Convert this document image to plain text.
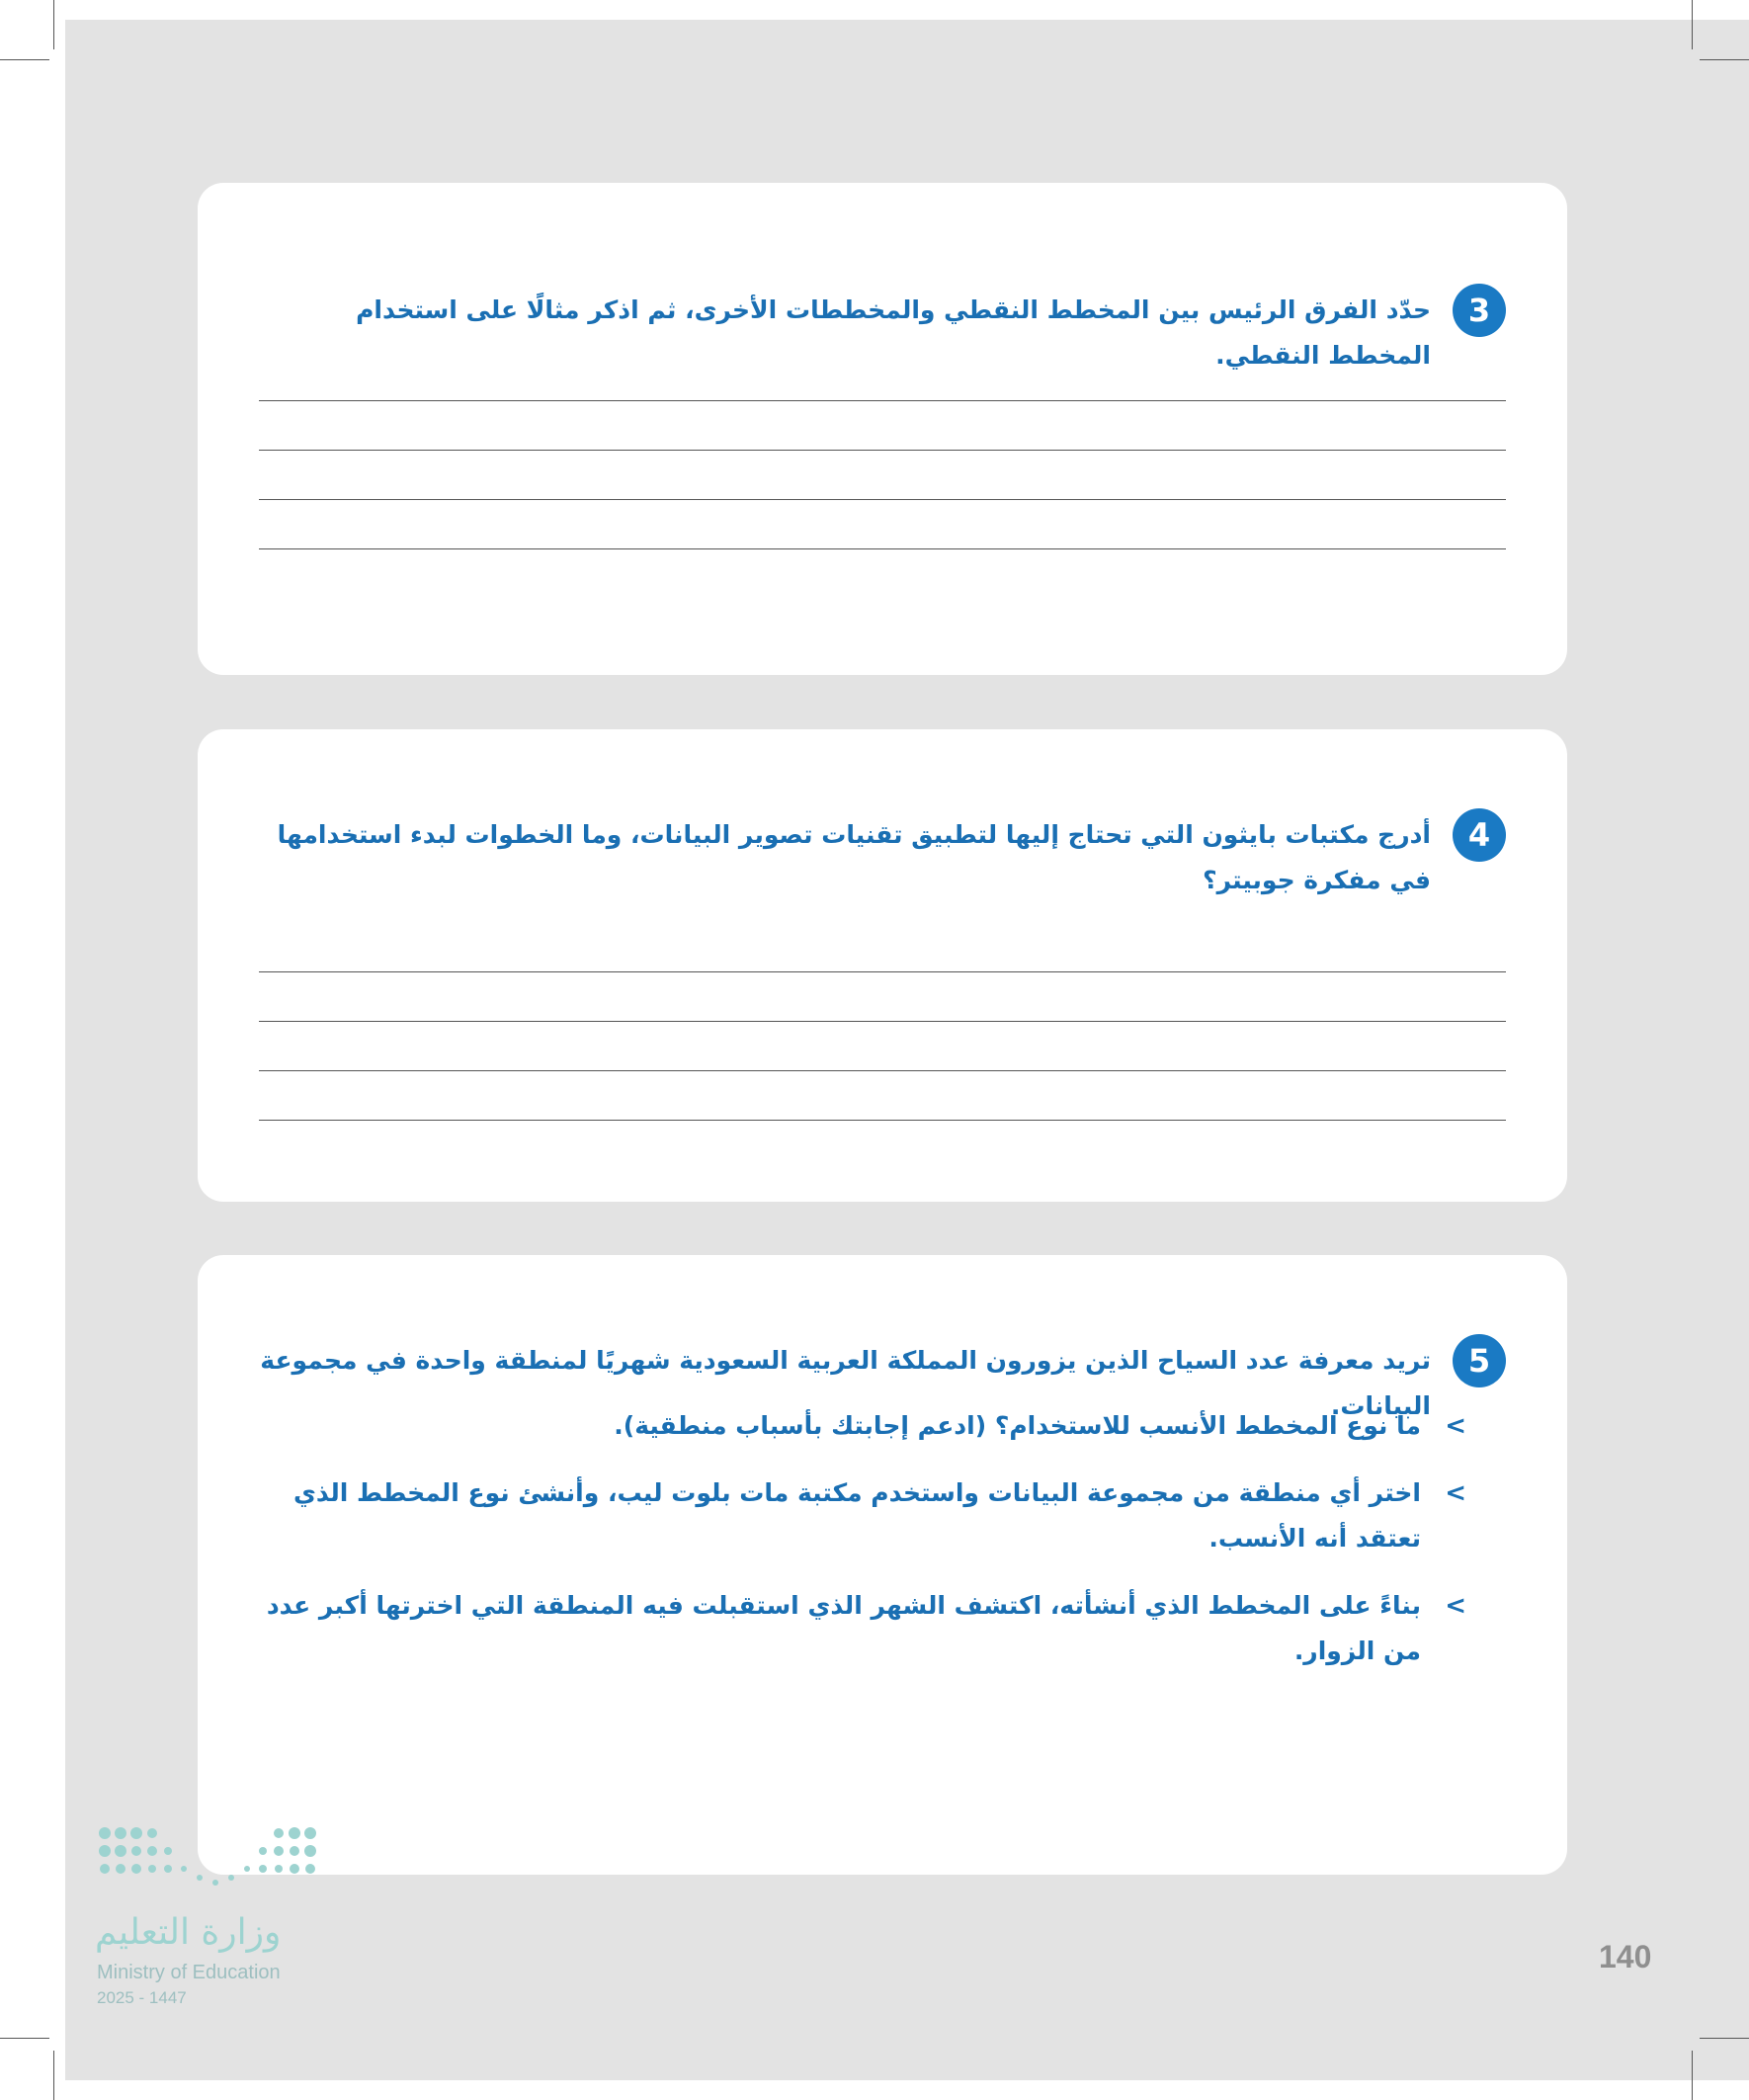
3
حدّد الفرق الرئيس بين المخطط النقطي والمخططات الأخرى، ثم اذكر مثالًا على استخدام المخطط النقطي.
4
أدرج مكتبات بايثون التي تحتاج إليها لتطبيق تقنيات تصوير البيانات، وما الخطوات لبدء استخدامها في مفكرة جوبيتر؟
5
تريد معرفة عدد السياح الذين يزورون المملكة العربية السعودية شهريًا لمنطقة واحدة في مجموعة البيانات.
>
ما نوع المخطط الأنسب للاستخدام؟ (ادعم إجابتك بأسباب منطقية).
>
اختر أي منطقة من مجموعة البيانات واستخدم مكتبة مات بلوت ليب، وأنشئ نوع المخطط الذي تعتقد أنه الأنسب.
>
بناءً على المخطط الذي أنشأته، اكتشف الشهر الذي استقبلت فيه المنطقة التي اخترتها أكبر عدد من الزوار.
وزارة التعليم
Ministry of Education
2025 - 1447
140
